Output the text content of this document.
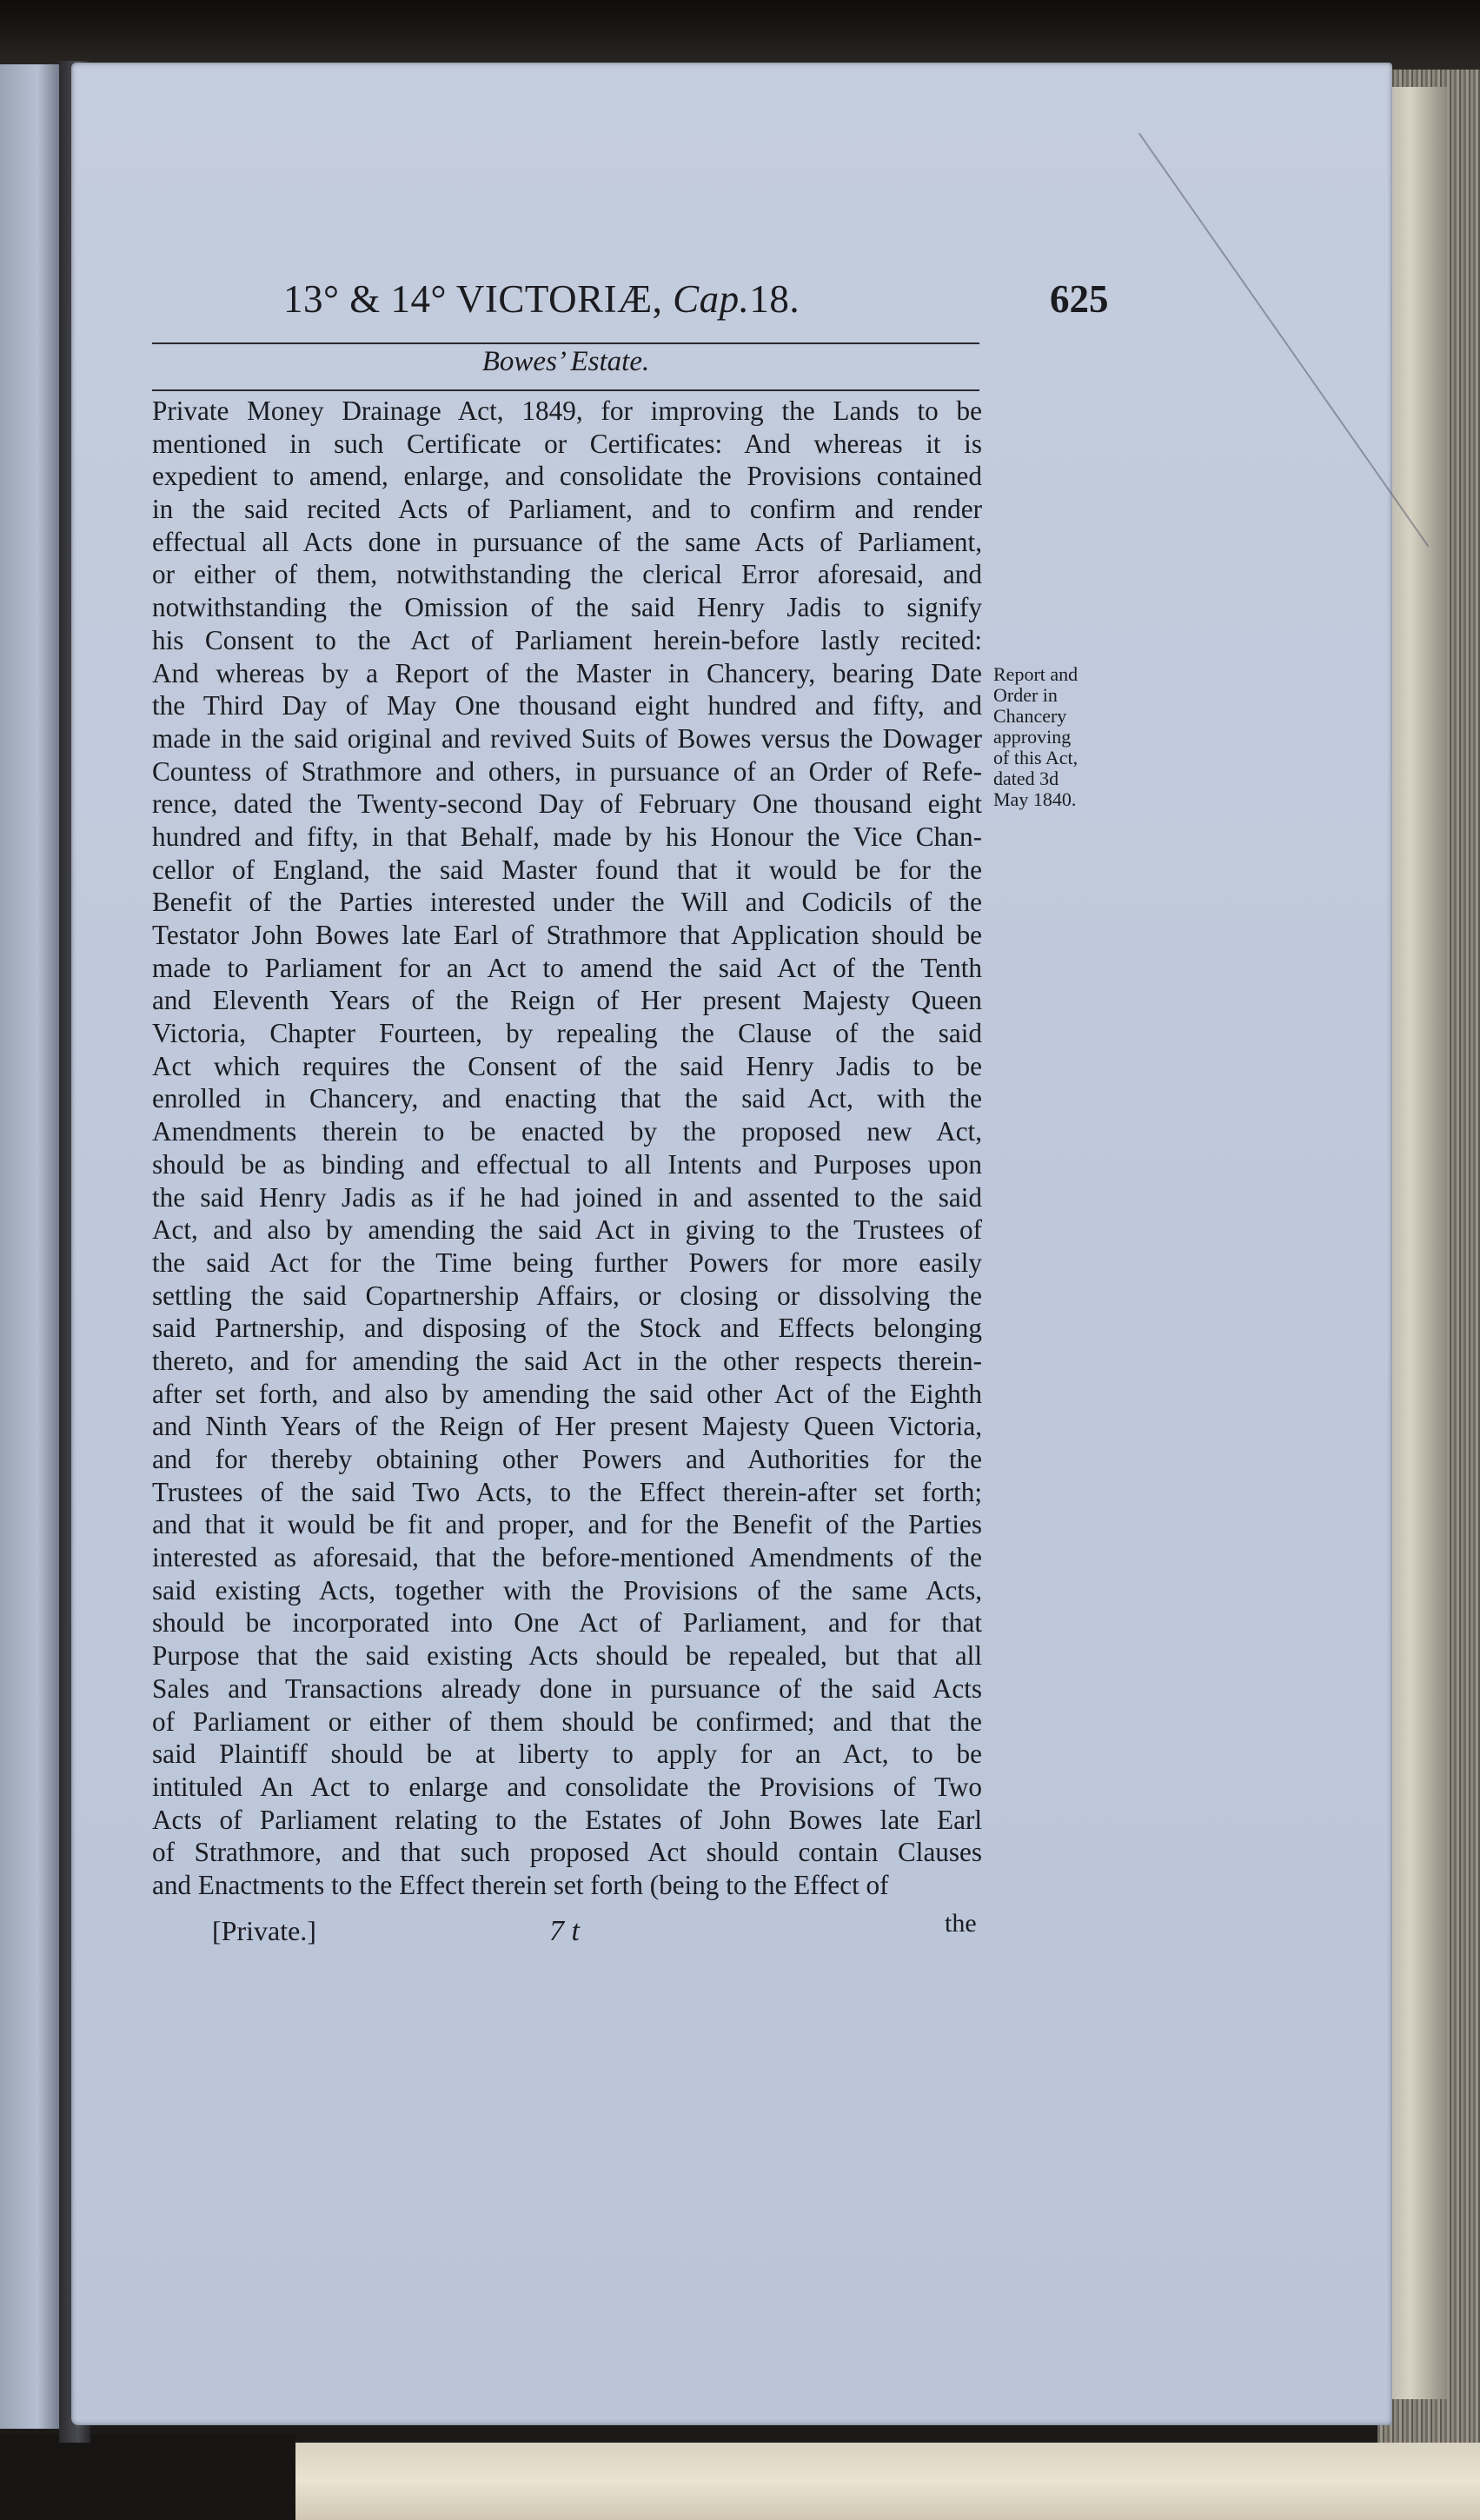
13° & 14° VICTORIÆ, Cap.18.	625
Bowes’ Estate.
Private Money Drainage Act, 1849, for improving the Lands to be
mentioned in such Certificate or Certificates: And whereas it is
expedient to amend, enlarge, and consolidate the Provisions contained
in the said recited Acts of Parliament, and to confirm and render
effectual all Acts done in pursuance of the same Acts of Parliament,
or either of them, notwithstanding the clerical Error aforesaid, and
notwithstanding the Omission of the said Henry Jadis to signify
his Consent to the Act of Parliament herein-before lastly recited:
And whereas by a Report of the Master in Chancery, bearing Date
the Third Day of May One thousand eight hundred and fifty, and
made in the said original and revived Suits of Bowes versus the Dowager
Countess of Strathmore and others, in pursuance of an Order of Refe-
rence, dated the Twenty-second Day of February One thousand eight
hundred and fifty, in that Behalf, made by his Honour the Vice Chan-
cellor of England, the said Master found that it would be for the
Benefit of the Parties interested under the Will and Codicils of the
Testator John Bowes late Earl of Strathmore that Application should be
made to Parliament for an Act to amend the said Act of the Tenth
and Eleventh Years of the Reign of Her present Majesty Queen
Victoria, Chapter Fourteen, by repealing the Clause of the said
Act which requires the Consent of the said Henry Jadis to be
enrolled in Chancery, and enacting that the said Act, with the
Amendments therein to be enacted by the proposed new Act,
should be as binding and effectual to all Intents and Purposes upon
the said Henry Jadis as if he had joined in and assented to the said
Act, and also by amending the said Act in giving to the Trustees of
the said Act for the Time being further Powers for more easily
settling the said Copartnership Affairs, or closing or dissolving the
said Partnership, and disposing of the Stock and Effects belonging
thereto, and for amending the said Act in the other respects therein-
after set forth, and also by amending the said other Act of the Eighth
and Ninth Years of the Reign of Her present Majesty Queen Victoria,
and for thereby obtaining other Powers and Authorities for the
Trustees of the said Two Acts, to the Effect therein-after set forth;
and that it would be fit and proper, and for the Benefit of the Parties
interested as aforesaid, that the before-mentioned Amendments of the
said existing Acts, together with the Provisions of the same Acts,
should be incorporated into One Act of Parliament, and for that
Purpose that the said existing Acts should be repealed, but that all
Sales and Transactions already done in pursuance of the said Acts
of Parliament or either of them should be confirmed; and that the
said Plaintiff should be at liberty to apply for an Act, to be
intituled An Act to enlarge and consolidate the Provisions of Two
Acts of Parliament relating to the Estates of John Bowes late Earl
of Strathmore, and that such proposed Act should contain Clauses
and Enactments to the Effect therein set forth (being to the Effect of
Report and
Order in
Chancery
approving
of this Act,
dated 3d
May 1840.
[Private.]	7 t	the
